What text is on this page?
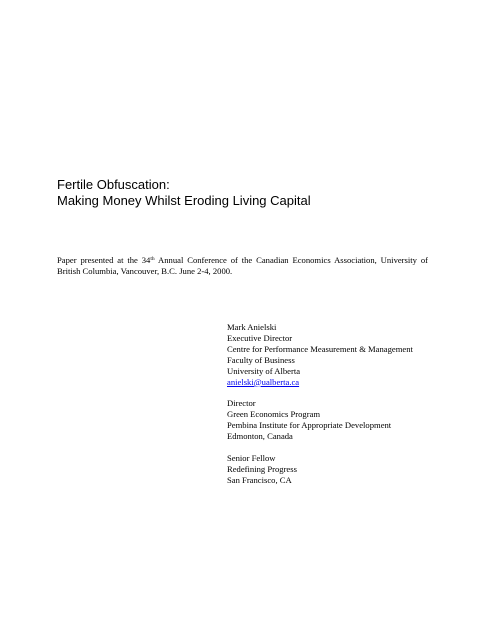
Fertile Obfuscation:
Making Money Whilst Eroding Living Capital

Paper presented at the 34th Annual Conference of the Canadian Economics Association, University of British Columbia, Vancouver, B.C. June 2-4, 2000.

Mark Anielski
Executive Director
Centre for Performance Measurement & Management
Faculty of Business
University of Alberta
anielski@ualberta.ca
Director
Green Economics Program
Pembina Institute for Appropriate Development
Edmonton, Canada
Senior Fellow
Redefining Progress
San Francisco, CA
